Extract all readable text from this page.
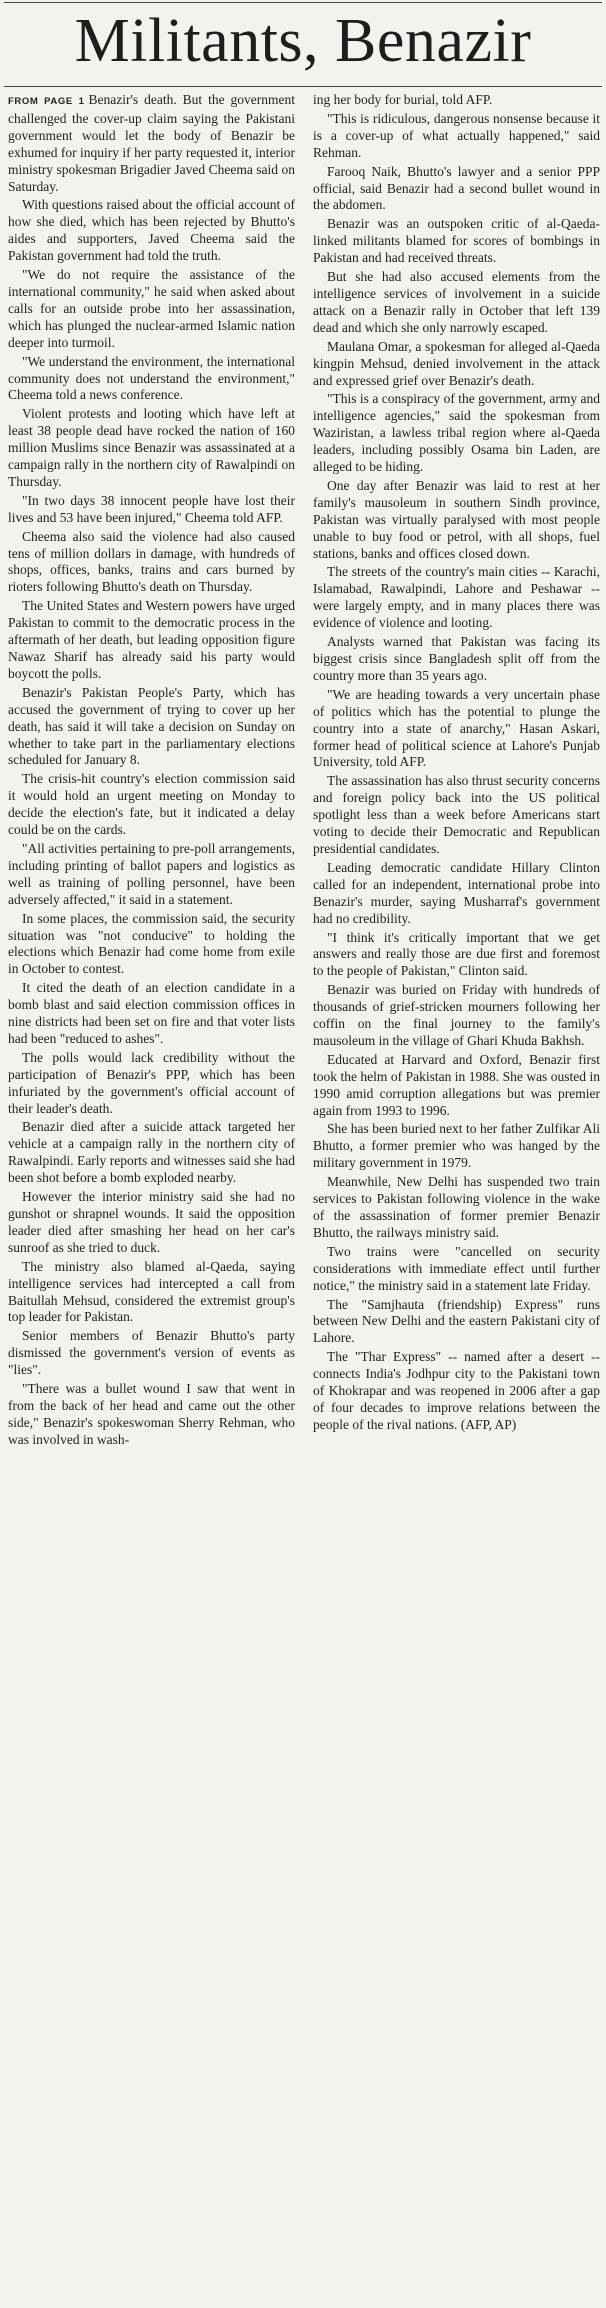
Militants, Benazir

FROM PAGE 1 Benazir's death. But the government challenged the cover-up claim saying the Pakistani government would let the body of Benazir be exhumed for inquiry if her party requested it, interior ministry spokesman Brigadier Javed Cheema said on Saturday.

With questions raised about the official account of how she died, which has been rejected by Bhutto's aides and supporters, Javed Cheema said the Pakistan government had told the truth.

"We do not require the assistance of the international community," he said when asked about calls for an outside probe into her assassination, which has plunged the nuclear-armed Islamic nation deeper into turmoil.

"We understand the environment, the international community does not understand the environment," Cheema told a news conference.

Violent protests and looting which have left at least 38 people dead have rocked the nation of 160 million Muslims since Benazir was assassinated at a campaign rally in the northern city of Rawalpindi on Thursday.

"In two days 38 innocent people have lost their lives and 53 have been injured," Cheema told AFP.

Cheema also said the violence had also caused tens of million dollars in damage, with hundreds of shops, offices, banks, trains and cars burned by rioters following Bhutto's death on Thursday.

The United States and Western powers have urged Pakistan to commit to the democratic process in the aftermath of her death, but leading opposition figure Nawaz Sharif has already said his party would boycott the polls.

Benazir's Pakistan People's Party, which has accused the government of trying to cover up her death, has said it will take a decision on Sunday on whether to take part in the parliamentary elections scheduled for January 8.

The crisis-hit country's election commission said it would hold an urgent meeting on Monday to decide the election's fate, but it indicated a delay could be on the cards.

"All activities pertaining to pre-poll arrangements, including printing of ballot papers and logistics as well as training of polling personnel, have been adversely affected," it said in a statement.

In some places, the commission said, the security situation was "not conducive" to holding the elections which Benazir had come home from exile in October to contest.

It cited the death of an election candidate in a bomb blast and said election commission offices in nine districts had been set on fire and that voter lists had been "reduced to ashes".

The polls would lack credibility without the participation of Benazir's PPP, which has been infuriated by the government's official account of their leader's death.

Benazir died after a suicide attack targeted her vehicle at a campaign rally in the northern city of Rawalpindi. Early reports and witnesses said she had been shot before a bomb exploded nearby.

However the interior ministry said she had no gunshot or shrapnel wounds. It said the opposition leader died after smashing her head on her car's sunroof as she tried to duck.

The ministry also blamed al-Qaeda, saying intelligence services had intercepted a call from Baitullah Mehsud, considered the extremist group's top leader for Pakistan.

Senior members of Benazir Bhutto's party dismissed the government's version of events as "lies".

"There was a bullet wound I saw that went in from the back of her head and came out the other side," Benazir's spokeswoman Sherry Rehman, who was involved in wash-

ing her body for burial, told AFP.

"This is ridiculous, dangerous nonsense because it is a cover-up of what actually happened," said Rehman.

Farooq Naik, Bhutto's lawyer and a senior PPP official, said Benazir had a second bullet wound in the abdomen.

Benazir was an outspoken critic of al-Qaeda-linked militants blamed for scores of bombings in Pakistan and had received threats.

But she had also accused elements from the intelligence services of involvement in a suicide attack on a Benazir rally in October that left 139 dead and which she only narrowly escaped.

Maulana Omar, a spokesman for alleged al-Qaeda kingpin Mehsud, denied involvement in the attack and expressed grief over Benazir's death.

"This is a conspiracy of the government, army and intelligence agencies," said the spokesman from Waziristan, a lawless tribal region where al-Qaeda leaders, including possibly Osama bin Laden, are alleged to be hiding.

One day after Benazir was laid to rest at her family's mausoleum in southern Sindh province, Pakistan was virtually paralysed with most people unable to buy food or petrol, with all shops, fuel stations, banks and offices closed down.

The streets of the country's main cities -- Karachi, Islamabad, Rawalpindi, Lahore and Peshawar -- were largely empty, and in many places there was evidence of violence and looting.

Analysts warned that Pakistan was facing its biggest crisis since Bangladesh split off from the country more than 35 years ago.

"We are heading towards a very uncertain phase of politics which has the potential to plunge the country into a state of anarchy," Hasan Askari, former head of political science at Lahore's Punjab University, told AFP.

The assassination has also thrust security concerns and foreign policy back into the US political spotlight less than a week before Americans start voting to decide their Democratic and Republican presidential candidates.

Leading democratic candidate Hillary Clinton called for an independent, international probe into Benazir's murder, saying Musharraf's government had no credibility.

"I think it's critically important that we get answers and really those are due first and foremost to the people of Pakistan," Clinton said.

Benazir was buried on Friday with hundreds of thousands of grief-stricken mourners following her coffin on the final journey to the family's mausoleum in the village of Ghari Khuda Bakhsh.

Educated at Harvard and Oxford, Benazir first took the helm of Pakistan in 1988. She was ousted in 1990 amid corruption allegations but was premier again from 1993 to 1996.

She has been buried next to her father Zulfikar Ali Bhutto, a former premier who was hanged by the military government in 1979.

Meanwhile, New Delhi has suspended two train services to Pakistan following violence in the wake of the assassination of former premier Benazir Bhutto, the railways ministry said.

Two trains were "cancelled on security considerations with immediate effect until further notice," the ministry said in a statement late Friday.

The "Samjhauta (friendship) Express" runs between New Delhi and the eastern Pakistani city of Lahore.

The "Thar Express" -- named after a desert -- connects India's Jodhpur city to the Pakistani town of Khokrapar and was reopened in 2006 after a gap of four decades to improve relations between the people of the rival nations. (AFP, AP)
